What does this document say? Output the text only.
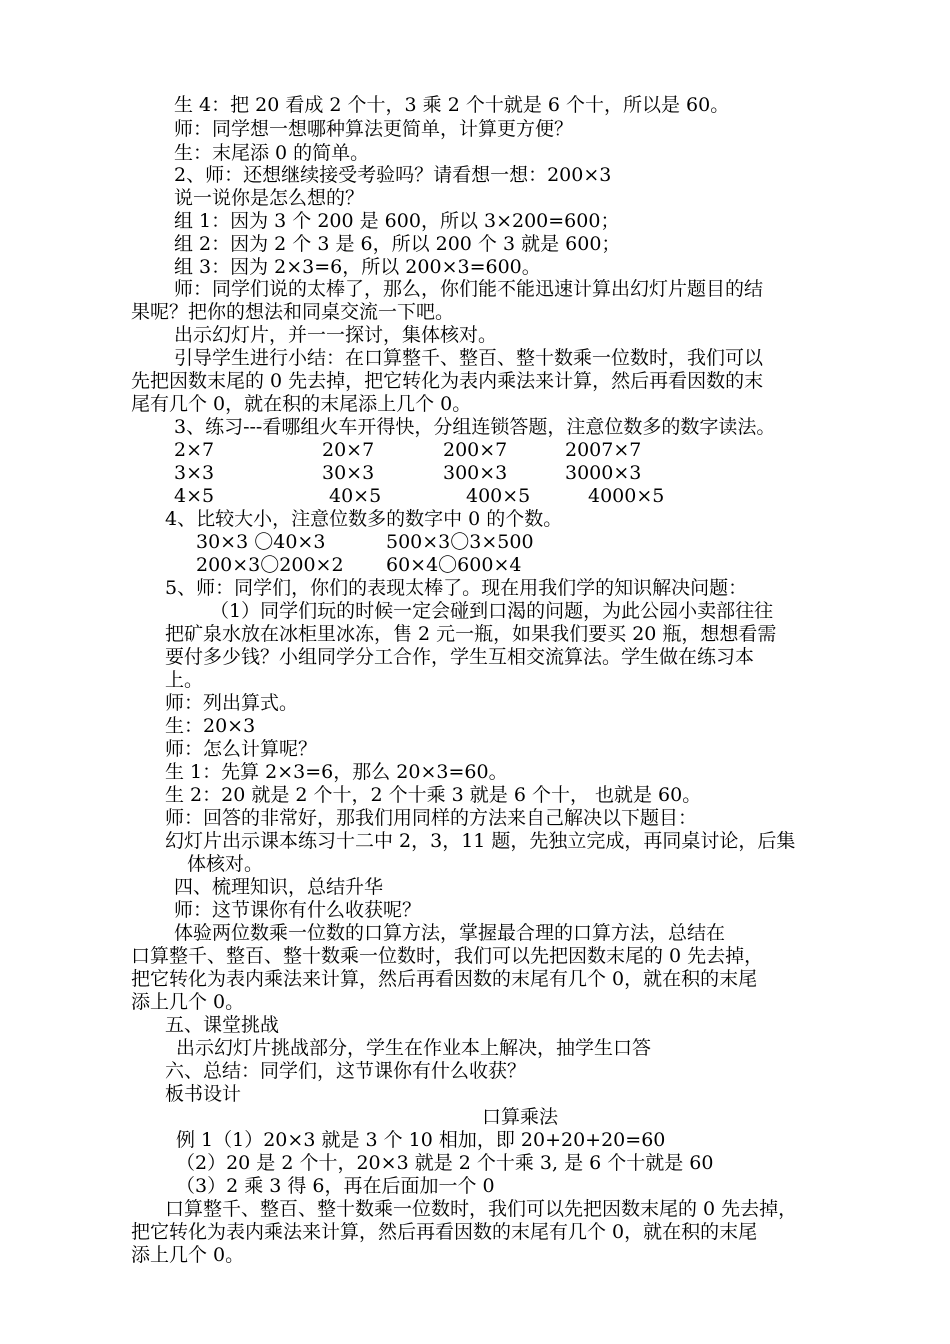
生 4：把 20 看成 2 个十，3 乘 2 个十就是 6 个十，所以是 60。

师：同学想一想哪种算法更简单，计算更方便？

生：末尾添 0 的简单。

2、师：还想继续接受考验吗？请看想一想：200×3

说一说你是怎么想的？

组 1：因为 3 个 200 是 600，所以 3×200=600；

组 2：因为 2 个 3 是 6，所以 200 个 3 就是 600；

组 3：因为 2×3=6，所以 200×3=600。

师：同学们说的太棒了，那么，你们能不能迅速计算出幻灯片题目的结

果呢？把你的想法和同桌交流一下吧。

出示幻灯片，并一一探讨，集体核对。

引导学生进行小结：在口算整千、整百、整十数乘一位数时，我们可以

先把因数末尾的 0 先去掉，把它转化为表内乘法来计算，然后再看因数的末

尾有几个 0，就在积的末尾添上几个 0。

3、练习---看哪组火车开得快，分组连锁答题，注意位数多的数字读法。

2×7	20×7	200×7	2007×7

3×3	30×3	300×3	3000×3

4×5	40×5	400×5	4000×5

4、比较大小，注意位数多的数字中 0 的个数。

30×3 〇40×3	500×3〇3×500

200×3〇200×2 60×4〇600×4

5、师：同学们，你们的表现太棒了。现在用我们学的知识解决问题：

（1）同学们玩的时候一定会碰到口渴的问题，为此公园小卖部往往

把矿泉水放在冰柜里冰冻，售 2 元一瓶，如果我们要买 20 瓶，想想看需

要付多少钱？小组同学分工合作，学生互相交流算法。学生做在练习本

上。

师：列出算式。

生：20×3

师：怎么计算呢？

生 1：先算 2×3=6，那么 20×3=60。

生 2：20 就是 2 个十，2 个十乘 3 就是 6 个十， 也就是 60。

师：回答的非常好，那我们用同样的方法来自己解决以下题目：

幻灯片出示课本练习十二中 2，3，11 题，先独立完成，再同桌讨论，后集

体核对。

四、梳理知识，总结升华

师：这节课你有什么收获呢？

体验两位数乘一位数的口算方法，掌握最合理的口算方法，总结在

口算整千、整百、整十数乘一位数时，我们可以先把因数末尾的 0 先去掉，

把它转化为表内乘法来计算，然后再看因数的末尾有几个 0，就在积的末尾

添上几个 0。

五、课堂挑战

出示幻灯片挑战部分，学生在作业本上解决，抽学生口答

六、总结：同学们，这节课你有什么收获？

板书设计

口算乘法

例 1（1）20×3 就是 3 个 10 相加，即 20+20+20=60

（2）20 是 2 个十，20×3 就是 2 个十乘 3, 是 6 个十就是 60

（3）2 乘 3 得 6，再在后面加一个 0

口算整千、整百、整十数乘一位数时，我们可以先把因数末尾的 0 先去掉，

把它转化为表内乘法来计算，然后再看因数的末尾有几个 0，就在积的末尾

添上几个 0。
